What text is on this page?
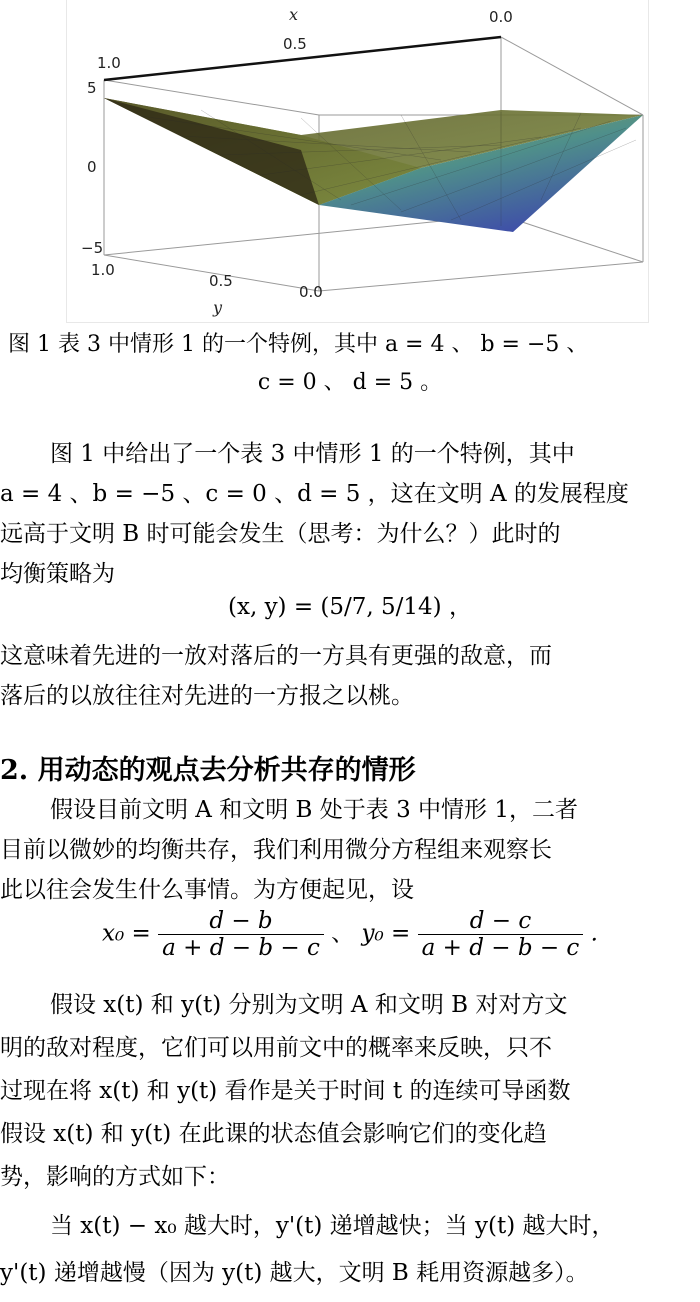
x
0.5
0.0
1.0
5
0
−5
1.0
0.5
0.0
y
图 1 表 3 中情形 1 的一个特例，其中 a = 4 、 b = −5 、
c = 0 、 d = 5 。
图 1 中给出了一个表 3 中情形 1 的一个特例，其中
a = 4 、b = −5 、c = 0 、d = 5 ，这在文明 A 的发展程度
远高于文明 B 时可能会发生（思考：为什么？）此时的
均衡策略为
(x, y) = (5/7, 5/14) ，
这意味着先进的一放对落后的一方具有更强的敌意，而
落后的以放往往对先进的一方报之以桃。
2. 用动态的观点去分析共存的情形
假设目前文明 A 和文明 B 处于表 3 中情形 1，二者
目前以微妙的均衡共存，我们利用微分方程组来观察长
此以往会发生什么事情。为方便起见，设
$x_0 = \frac{d - b}{a + d - b - c}$ 、 $y_0 = \frac{d - c}{a + d - b - c}$ .
假设 x(t) 和 y(t) 分别为文明 A 和文明 B 对对方文
明的敌对程度，它们可以用前文中的概率来反映，只不
过现在将 x(t) 和 y(t) 看作是关于时间 t 的连续可导函数
假设 x(t) 和 y(t) 在此课的状态值会影响它们的变化趋
势，影响的方式如下：
当 x(t) − x₀ 越大时，y'(t) 递增越快；当 y(t) 越大时，
y'(t) 递增越慢（因为 y(t) 越大，文明 B 耗用资源越多）。
